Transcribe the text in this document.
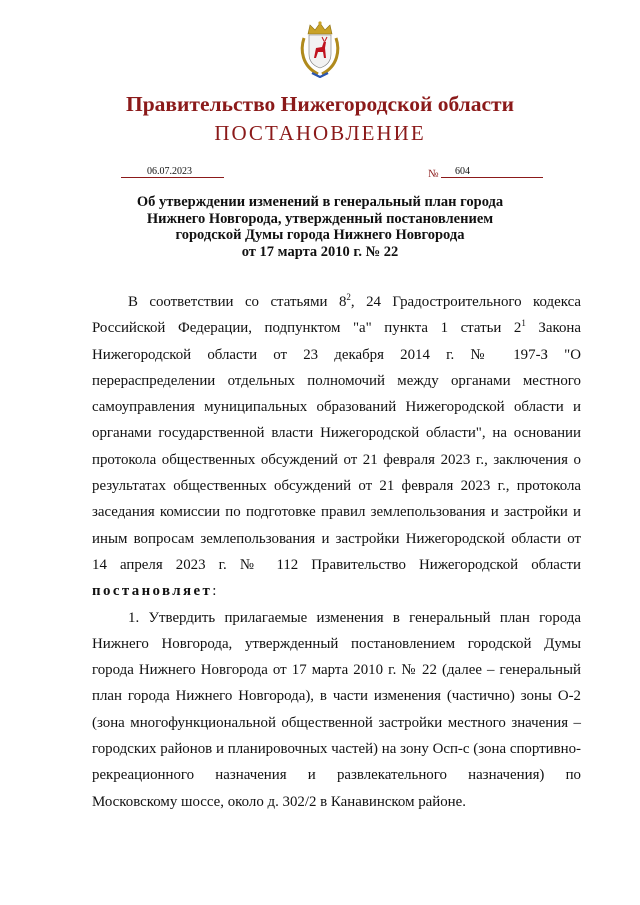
Правительство Нижегородской области
ПОСТАНОВЛЕНИЕ
06.07.2023	№	604
Об утверждении изменений в генеральный план города
Нижнего Новгорода, утвержденный постановлением
городской Думы города Нижнего Новгорода
от 17 марта 2010 г. № 22

В соответствии со статьями $8^2$, 24 Градостроительного кодекса Российской Федерации, подпунктом "а" пункта 1 статьи $2^1$ Закона Нижегородской области от 23 декабря 2014 г. № 197-З "О перераспределении отдельных полномочий между органами местного самоуправления муниципальных образований Нижегородской области и органами государственной власти Нижегородской области", на основании протокола общественных обсуждений от 21 февраля 2023 г., заключения о результатах общественных обсуждений от 21 февраля 2023 г., протокола заседания комиссии по подготовке правил землепользования и застройки и иным вопросам землепользования и застройки Нижегородской области от 14 апреля 2023 г. № 112 Правительство Нижегородской области постановляет:

1. Утвердить прилагаемые изменения в генеральный план города Нижнего Новгорода, утвержденный постановлением городской Думы города Нижнего Новгорода от 17 марта 2010 г. № 22 (далее – генеральный план города Нижнего Новгорода), в части изменения (частично) зоны О-2 (зона многофункциональной общественной застройки местного значения – городских районов и планировочных частей) на зону Осп-с (зона спортивно-рекреационного назначения и развлекательного назначения) по Московскому шоссе, около д. 302/2 в Канавинском районе.
